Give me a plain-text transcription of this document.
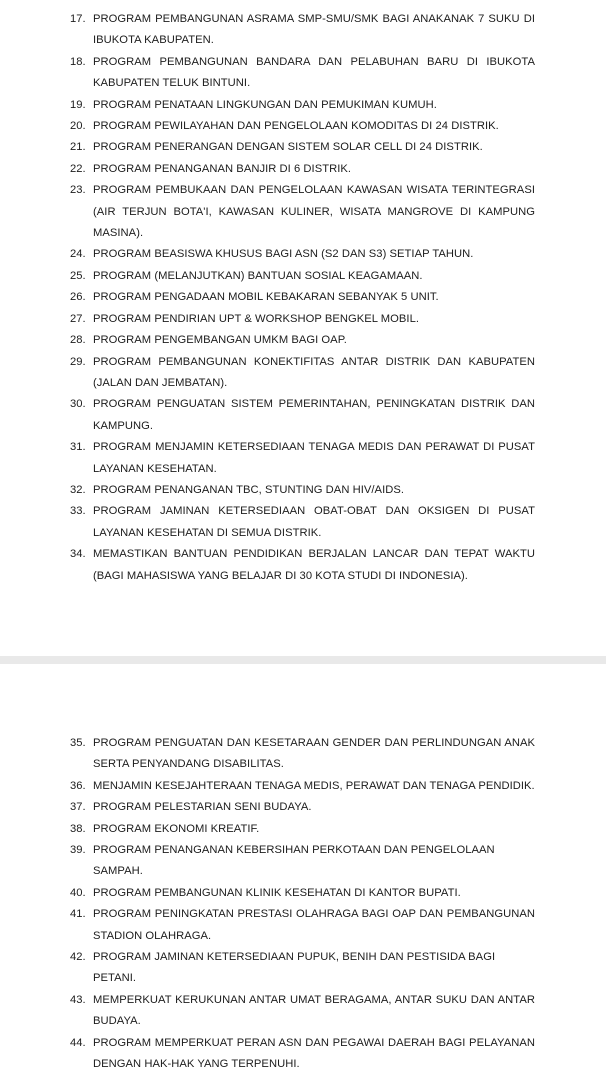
17. PROGRAM PEMBANGUNAN ASRAMA SMP-SMU/SMK BAGI ANAKANAK 7 SUKU DI IBUKOTA KABUPATEN.
18. PROGRAM PEMBANGUNAN BANDARA DAN PELABUHAN BARU DI IBUKOTA KABUPATEN TELUK BINTUNI.
19. PROGRAM PENATAAN LINGKUNGAN DAN PEMUKIMAN KUMUH.
20. PROGRAM PEWILAYAHAN DAN PENGELOLAAN KOMODITAS DI 24 DISTRIK.
21. PROGRAM PENERANGAN DENGAN SISTEM SOLAR CELL DI 24 DISTRIK.
22. PROGRAM PENANGANAN BANJIR DI 6 DISTRIK.
23. PROGRAM PEMBUKAAN DAN PENGELOLAAN KAWASAN WISATA TERINTEGRASI (AIR TERJUN BOTA'I, KAWASAN KULINER, WISATA MANGROVE DI KAMPUNG MASINA).
24. PROGRAM BEASISWA KHUSUS BAGI ASN (S2 DAN S3) SETIAP TAHUN.
25. PROGRAM (MELANJUTKAN) BANTUAN SOSIAL KEAGAMAAN.
26. PROGRAM PENGADAAN MOBIL KEBAKARAN SEBANYAK 5 UNIT.
27. PROGRAM PENDIRIAN UPT & WORKSHOP BENGKEL MOBIL.
28. PROGRAM PENGEMBANGAN UMKM BAGI OAP.
29. PROGRAM PEMBANGUNAN KONEKTIFITAS ANTAR DISTRIK DAN KABUPATEN (JALAN DAN JEMBATAN).
30. PROGRAM PENGUATAN SISTEM PEMERINTAHAN, PENINGKATAN DISTRIK DAN KAMPUNG.
31. PROGRAM MENJAMIN KETERSEDIAAN TENAGA MEDIS DAN PERAWAT DI PUSAT LAYANAN KESEHATAN.
32. PROGRAM PENANGANAN TBC, STUNTING DAN HIV/AIDS.
33. PROGRAM JAMINAN KETERSEDIAAN OBAT-OBAT DAN OKSIGEN DI PUSAT LAYANAN KESEHATAN DI SEMUA DISTRIK.
34. MEMASTIKAN BANTUAN PENDIDIKAN BERJALAN LANCAR DAN TEPAT WAKTU (BAGI MAHASISWA YANG BELAJAR DI 30 KOTA STUDI DI INDONESIA).
35. PROGRAM PENGUATAN DAN KESETARAAN GENDER DAN PERLINDUNGAN ANAK SERTA PENYANDANG DISABILITAS.
36. MENJAMIN KESEJAHTERAAN TENAGA MEDIS, PERAWAT DAN TENAGA PENDIDIK.
37. PROGRAM PELESTARIAN SENI BUDAYA.
38. PROGRAM EKONOMI KREATIF.
39. PROGRAM PENANGANAN KEBERSIHAN PERKOTAAN DAN PENGELOLAAN SAMPAH.
40. PROGRAM PEMBANGUNAN KLINIK KESEHATAN DI KANTOR BUPATI.
41. PROGRAM PENINGKATAN PRESTASI OLAHRAGA BAGI OAP DAN PEMBANGUNAN STADION OLAHRAGA.
42. PROGRAM JAMINAN KETERSEDIAAN PUPUK, BENIH DAN PESTISIDA BAGI PETANI.
43. MEMPERKUAT KERUKUNAN ANTAR UMAT BERAGAMA, ANTAR SUKU DAN ANTAR BUDAYA.
44. PROGRAM MEMPERKUAT PERAN ASN DAN PEGAWAI DAERAH BAGI PELAYANAN DENGAN HAK-HAK YANG TERPENUHI.
